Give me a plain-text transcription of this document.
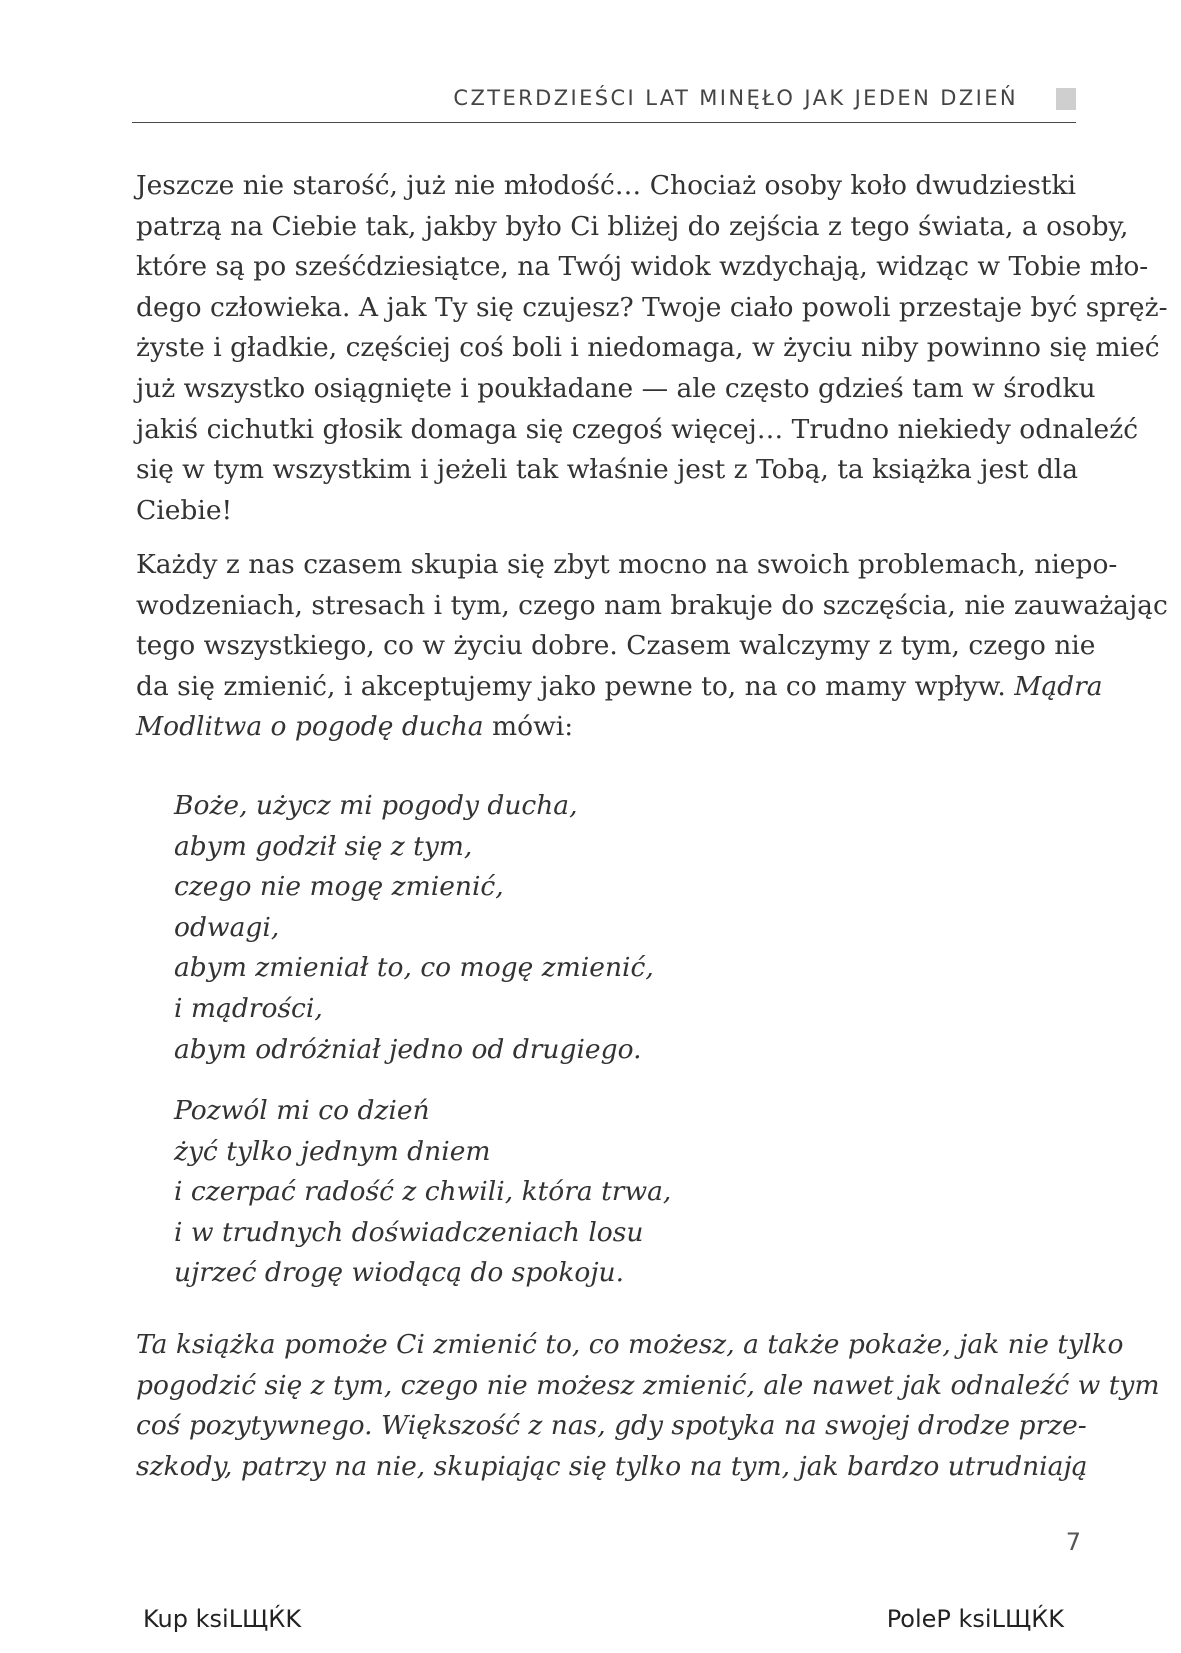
CZTERDZIEŚCI LAT MINĘŁO JAK JEDEN DZIEŃ
Jeszcze nie starość, już nie młodość… Chociaż osoby koło dwudziestki
patrzą na Ciebie tak, jakby było Ci bliżej do zejścia z tego świata, a osoby,
które są po sześćdziesiątce, na Twój widok wzdychają, widząc w Tobie mło-
dego człowieka. A jak Ty się czujesz? Twoje ciało powoli przestaje być spręż-
żyste i gładkie, częściej coś boli i niedomaga, w życiu niby powinno się mieć
już wszystko osiągnięte i poukładane — ale często gdzieś tam w środku
jakiś cichutki głosik domaga się czegoś więcej… Trudno niekiedy odnaleźć
się w tym wszystkim i jeżeli tak właśnie jest z Tobą, ta książka jest dla
Ciebie!
Każdy z nas czasem skupia się zbyt mocno na swoich problemach, niepo-
wodzeniach, stresach i tym, czego nam brakuje do szczęścia, nie zauważając
tego wszystkiego, co w życiu dobre. Czasem walczymy z tym, czego nie
da się zmienić, i akceptujemy jako pewne to, na co mamy wpływ. Mądra
Modlitwa o pogodę ducha mówi:
Boże, użycz mi pogody ducha,
abym godził się z tym,
czego nie mogę zmienić,
odwagi,
abym zmieniał to, co mogę zmienić,
i mądrości,
abym odróżniał jedno od drugiego.
Pozwól mi co dzień
żyć tylko jednym dniem
i czerpać radość z chwili, która trwa,
i w trudnych doświadczeniach losu
ujrzeć drogę wiodącą do spokoju.
Ta książka pomoże Ci zmienić to, co możesz, a także pokaże, jak nie tylko
pogodzić się z tym, czego nie możesz zmienić, ale nawet jak odnaleźć w tym
coś pozytywnego. Większość z nas, gdy spotyka na swojej drodze prze-
szkody, patrzy na nie, skupiając się tylko na tym, jak bardzo utrudniają
7
Kup ksiLЩЌK	PoleP ksiLЩЌK
